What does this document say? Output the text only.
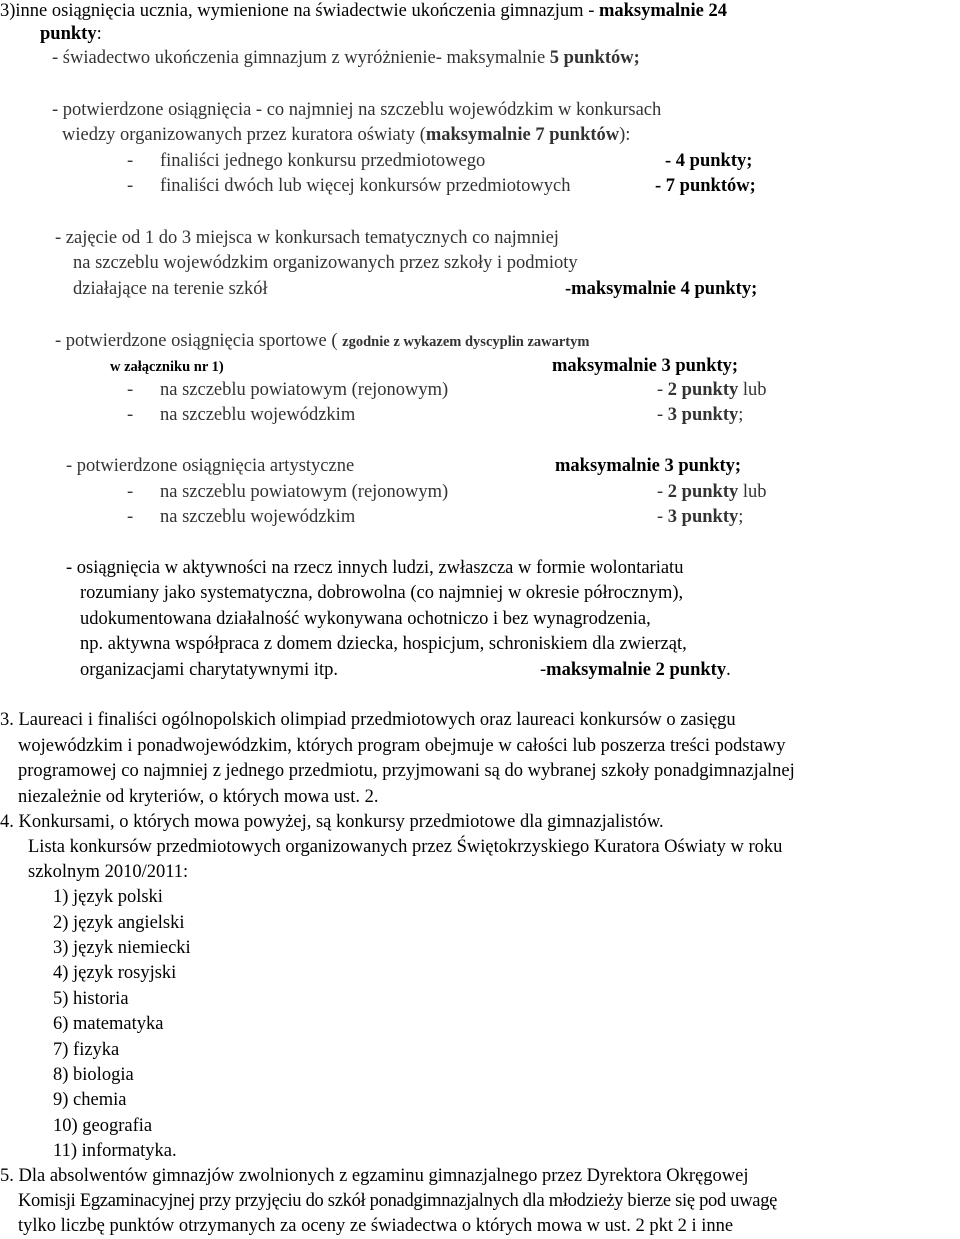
3)inne osiągnięcia ucznia, wymienione na świadectwie ukończenia gimnazjum - maksymalnie 24

punkty:

- świadectwo ukończenia gimnazjum z wyróżnienie- maksymalnie 5 punktów;

- potwierdzone osiągnięcia - co najmniej na szczeblu wojewódzkim w konkursach

wiedzy organizowanych przez kuratora oświaty (maksymalnie 7 punktów):

- finaliści jednego konkursu przedmiotowego	- 4 punkty;

- finaliści dwóch lub więcej konkursów przedmiotowych	- 7 punktów;

- zajęcie od 1 do 3 miejsca w konkursach tematycznych co najmniej

na szczeblu wojewódzkim organizowanych przez szkoły i podmioty

działające na terenie szkół	-maksymalnie 4 punkty;

- potwierdzone osiągnięcia sportowe ( zgodnie z wykazem dyscyplin zawartym

w załączniku nr 1)	maksymalnie 3 punkty;

- na szczeblu powiatowym (rejonowym)	- 2 punkty lub

- na szczeblu wojewódzkim	- 3 punkty;

- potwierdzone osiągnięcia artystyczne	maksymalnie 3 punkty;

- na szczeblu powiatowym (rejonowym)	- 2 punkty lub

- na szczeblu wojewódzkim	- 3 punkty;

- osiągnięcia w aktywności na rzecz innych ludzi, zwłaszcza w formie wolontariatu

rozumiany jako systematyczna, dobrowolna (co najmniej w okresie półrocznym),

udokumentowana działalność wykonywana ochotniczo i bez wynagrodzenia,

np. aktywna współpraca z domem dziecka, hospicjum, schroniskiem dla zwierząt,

organizacjami charytatywnymi itp.	-maksymalnie 2 punkty.

3. Laureaci i finaliści ogólnopolskich olimpiad przedmiotowych oraz laureaci konkursów o zasięgu

wojewódzkim i ponadwojewódzkim, których program obejmuje w całości lub poszerza treści podstawy

programowej co najmniej z jednego przedmiotu, przyjmowani są do wybranej szkoły ponadgimnazjalnej

niezależnie od kryteriów, o których mowa ust. 2.

4. Konkursami, o których mowa powyżej, są konkursy przedmiotowe dla gimnazjalistów.

Lista konkursów przedmiotowych organizowanych przez Świętokrzyskiego Kuratora Oświaty w roku

szkolnym 2010/2011:

1) język polski

2) język angielski

3) język niemiecki

4) język rosyjski

5) historia

6) matematyka

7) fizyka

8) biologia

9) chemia

10) geografia

11) informatyka.

5. Dla absolwentów gimnazjów zwolnionych z egzaminu gimnazjalnego przez Dyrektora Okręgowej

Komisji Egzaminacyjnej przy przyjęciu do szkół ponadgimnazjalnych dla młodzieży bierze się pod uwagę

tylko liczbę punktów otrzymanych za oceny ze świadectwa o których mowa w ust. 2 pkt 2 i inne
